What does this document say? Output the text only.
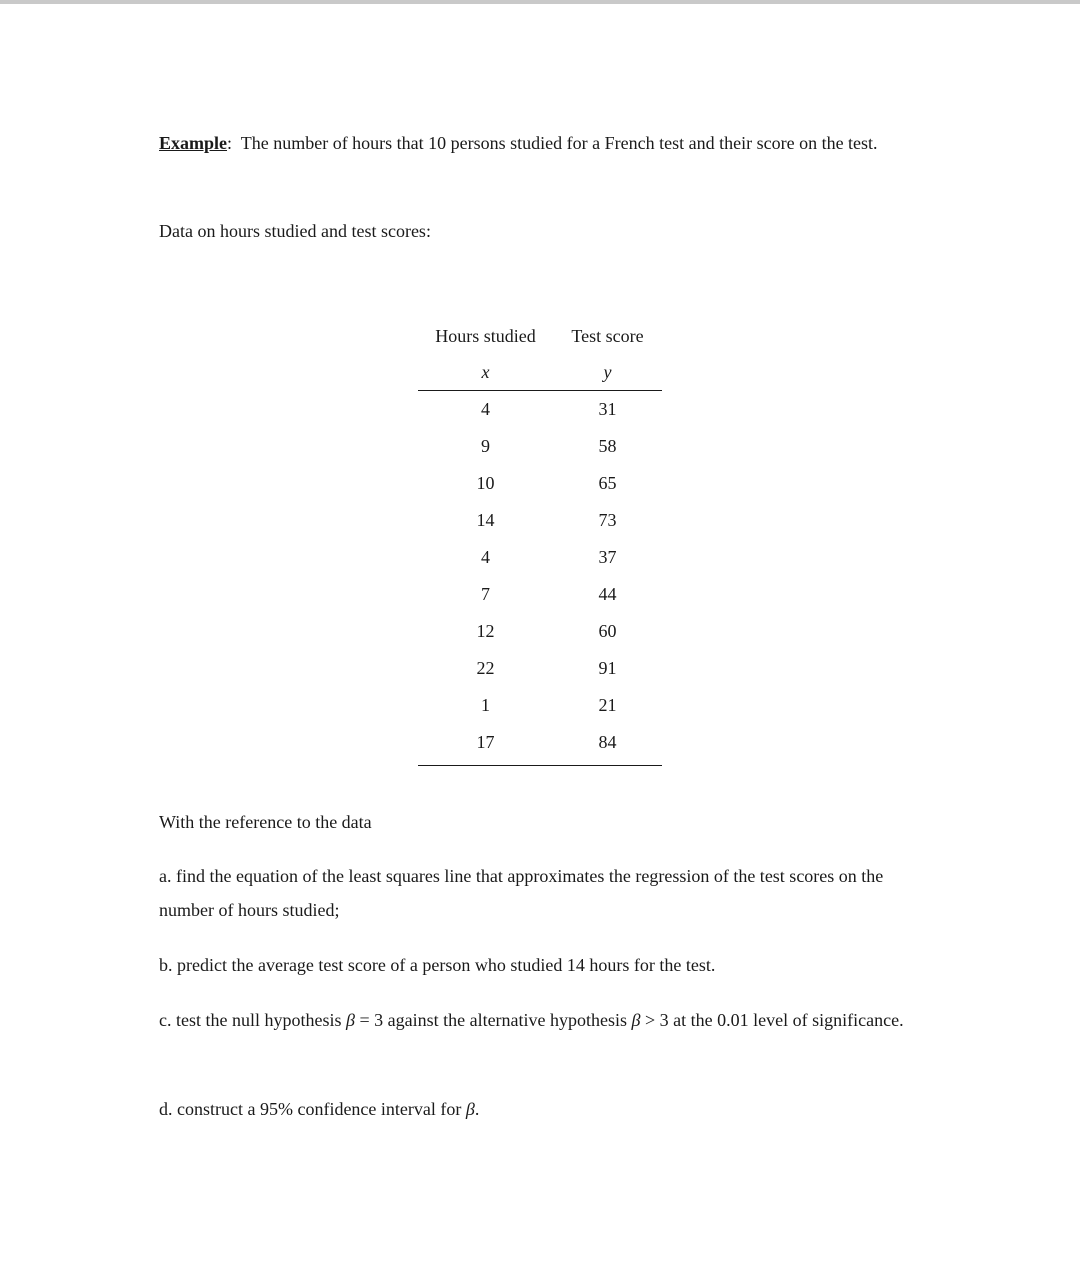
Example: The number of hours that 10 persons studied for a French test and their score on the test.

Data on hours studied and test scores:

Hours studied	Test score
x	y
4	31
9	58
10	65
14	73
4	37
7	44
12	60
22	91
1	21
17	84

With the reference to the data

a. find the equation of the least squares line that approximates the regression of the test scores on the number of hours studied;

b. predict the average test score of a person who studied 14 hours for the test.

c. test the null hypothesis β = 3 against the alternative hypothesis β > 3 at the 0.01 level of significance.

d. construct a 95% confidence interval for β.
